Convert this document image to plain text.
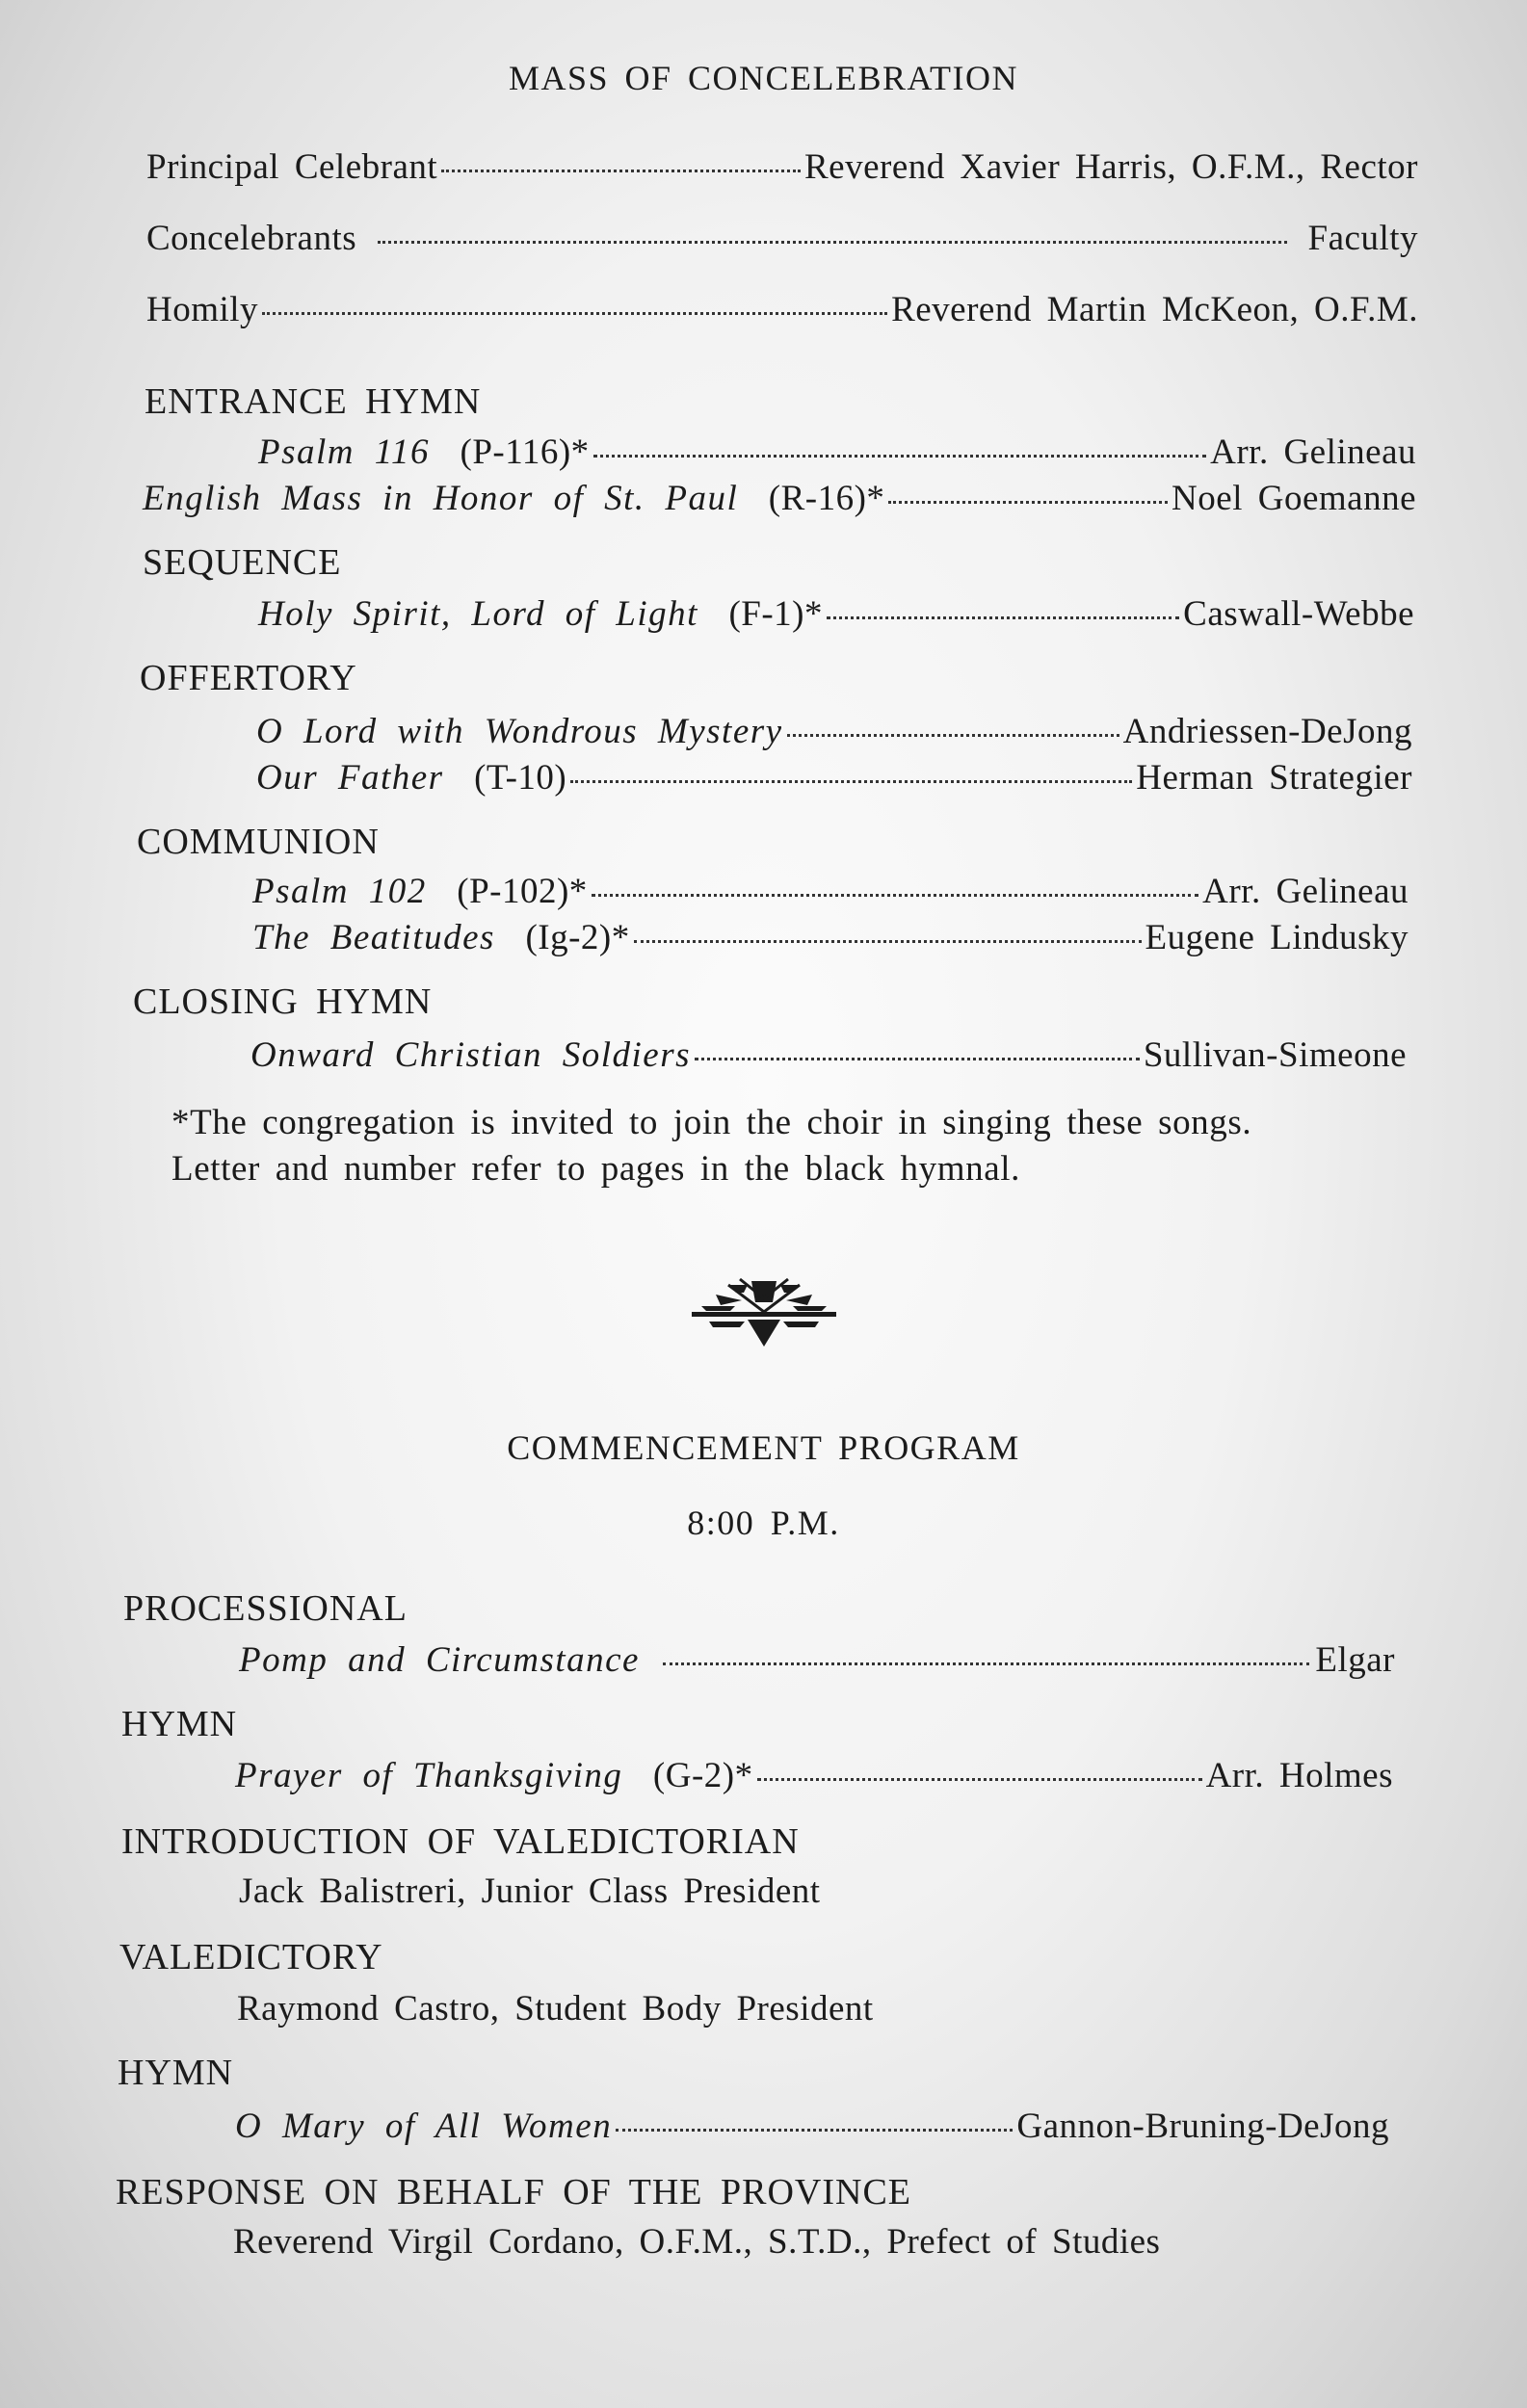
MASS OF CONCELEBRATION
Principal Celebrant	Reverend Xavier Harris, O.F.M., Rector
Concelebrants	Faculty
Homily	Reverend Martin McKeon, O.F.M.
ENTRANCE HYMN
Psalm 116 (P-116)*	Arr. Gelineau
English Mass in Honor of St. Paul (R-16)*	Noel Goemanne
SEQUENCE
Holy Spirit, Lord of Light (F-1)*	Caswall-Webbe
OFFERTORY
O Lord with Wondrous Mystery	Andriessen-DeJong
Our Father (T-10)	Herman Strategier
COMMUNION
Psalm 102 (P-102)*	Arr. Gelineau
The Beatitudes (Ig-2)*	Eugene Lindusky
CLOSING HYMN
Onward Christian Soldiers	Sullivan-Simeone
*The congregation is invited to join the choir in singing these songs.
Letter and number refer to pages in the black hymnal.
COMMENCEMENT PROGRAM
8:00 P.M.
PROCESSIONAL
Pomp and Circumstance	Elgar
HYMN
Prayer of Thanksgiving (G-2)*	Arr. Holmes
INTRODUCTION OF VALEDICTORIAN
Jack Balistreri, Junior Class President
VALEDICTORY
Raymond Castro, Student Body President
HYMN
O Mary of All Women	Gannon-Bruning-DeJong
RESPONSE ON BEHALF OF THE PROVINCE
Reverend Virgil Cordano, O.F.M., S.T.D., Prefect of Studies
